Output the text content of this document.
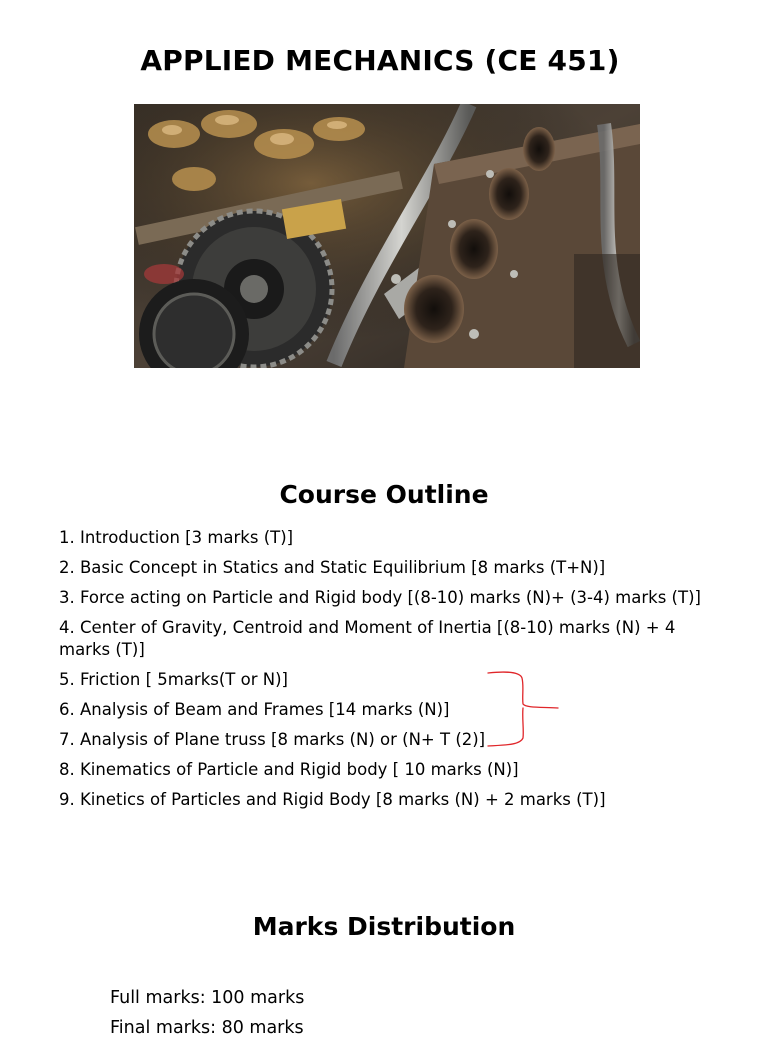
APPLIED MECHANICS (CE 451)
Course Outline
1. Introduction [3 marks (T)]
2. Basic Concept in Statics and Static Equilibrium [8 marks (T+N)]
3. Force acting on Particle and Rigid body [(8-10) marks (N)+ (3-4) marks (T)]
4. Center of Gravity, Centroid and Moment of Inertia [(8-10) marks (N) + 4 marks (T)]
5. Friction [ 5marks(T or N)]
6. Analysis of Beam and Frames [14 marks (N)]
7. Analysis of Plane truss [8 marks (N) or (N+ T (2)]
8. Kinematics of Particle and Rigid body [ 10 marks (N)]
9. Kinetics of Particles and Rigid Body [8 marks (N) + 2 marks (T)]
Marks Distribution
Full marks: 100 marks
Final marks: 80 marks
